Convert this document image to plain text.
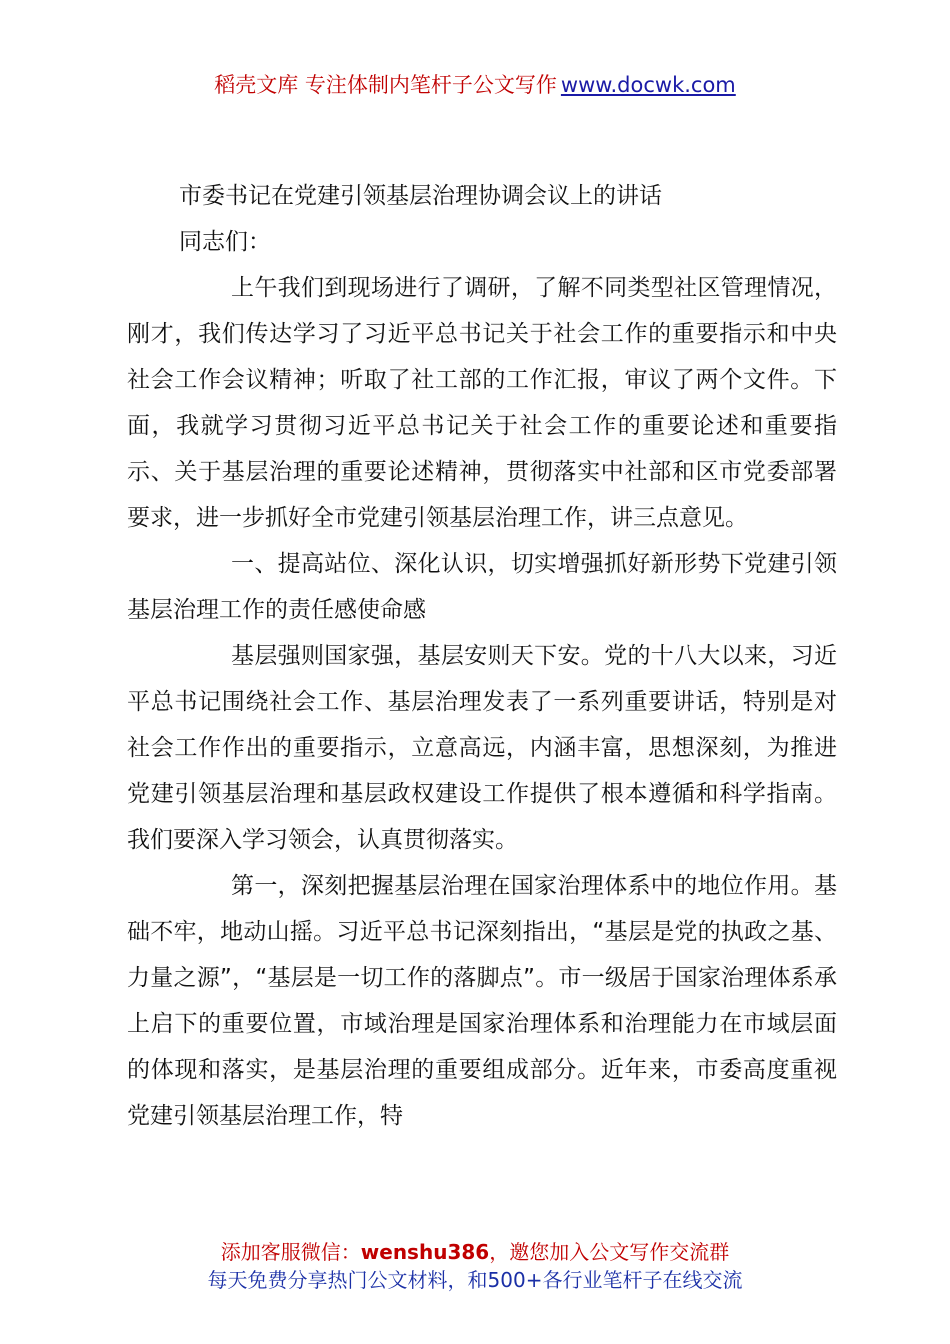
稻壳文库 专注体制内笔杆子公文写作 www.docwk.com

市委书记在党建引领基层治理协调会议上的讲话

同志们：

上午我们到现场进行了调研，了解不同类型社区管理情况，刚才，我们传达学习了习近平总书记关于社会工作的重要指示和中央社会工作会议精神；听取了社工部的工作汇报，审议了两个文件。下面，我就学习贯彻习近平总书记关于社会工作的重要论述和重要指示、关于基层治理的重要论述精神，贯彻落实中社部和区市党委部署要求，进一步抓好全市党建引领基层治理工作，讲三点意见。

一、提高站位、深化认识，切实增强抓好新形势下党建引领基层治理工作的责任感使命感

基层强则国家强，基层安则天下安。党的十八大以来，习近平总书记围绕社会工作、基层治理发表了一系列重要讲话，特别是对社会工作作出的重要指示，立意高远，内涵丰富，思想深刻，为推进党建引领基层治理和基层政权建设工作提供了根本遵循和科学指南。我们要深入学习领会，认真贯彻落实。

第一，深刻把握基层治理在国家治理体系中的地位作用。基础不牢，地动山摇。习近平总书记深刻指出，“基层是党的执政之基、力量之源”，“基层是一切工作的落脚点”。市一级居于国家治理体系承上启下的重要位置，市域治理是国家治理体系和治理能力在市域层面的体现和落实，是基层治理的重要组成部分。近年来，市委高度重视党建引领基层治理工作，特

添加客服微信：wenshu386，邀您加入公文写作交流群
每天免费分享热门公文材料，和500+各行业笔杆子在线交流
